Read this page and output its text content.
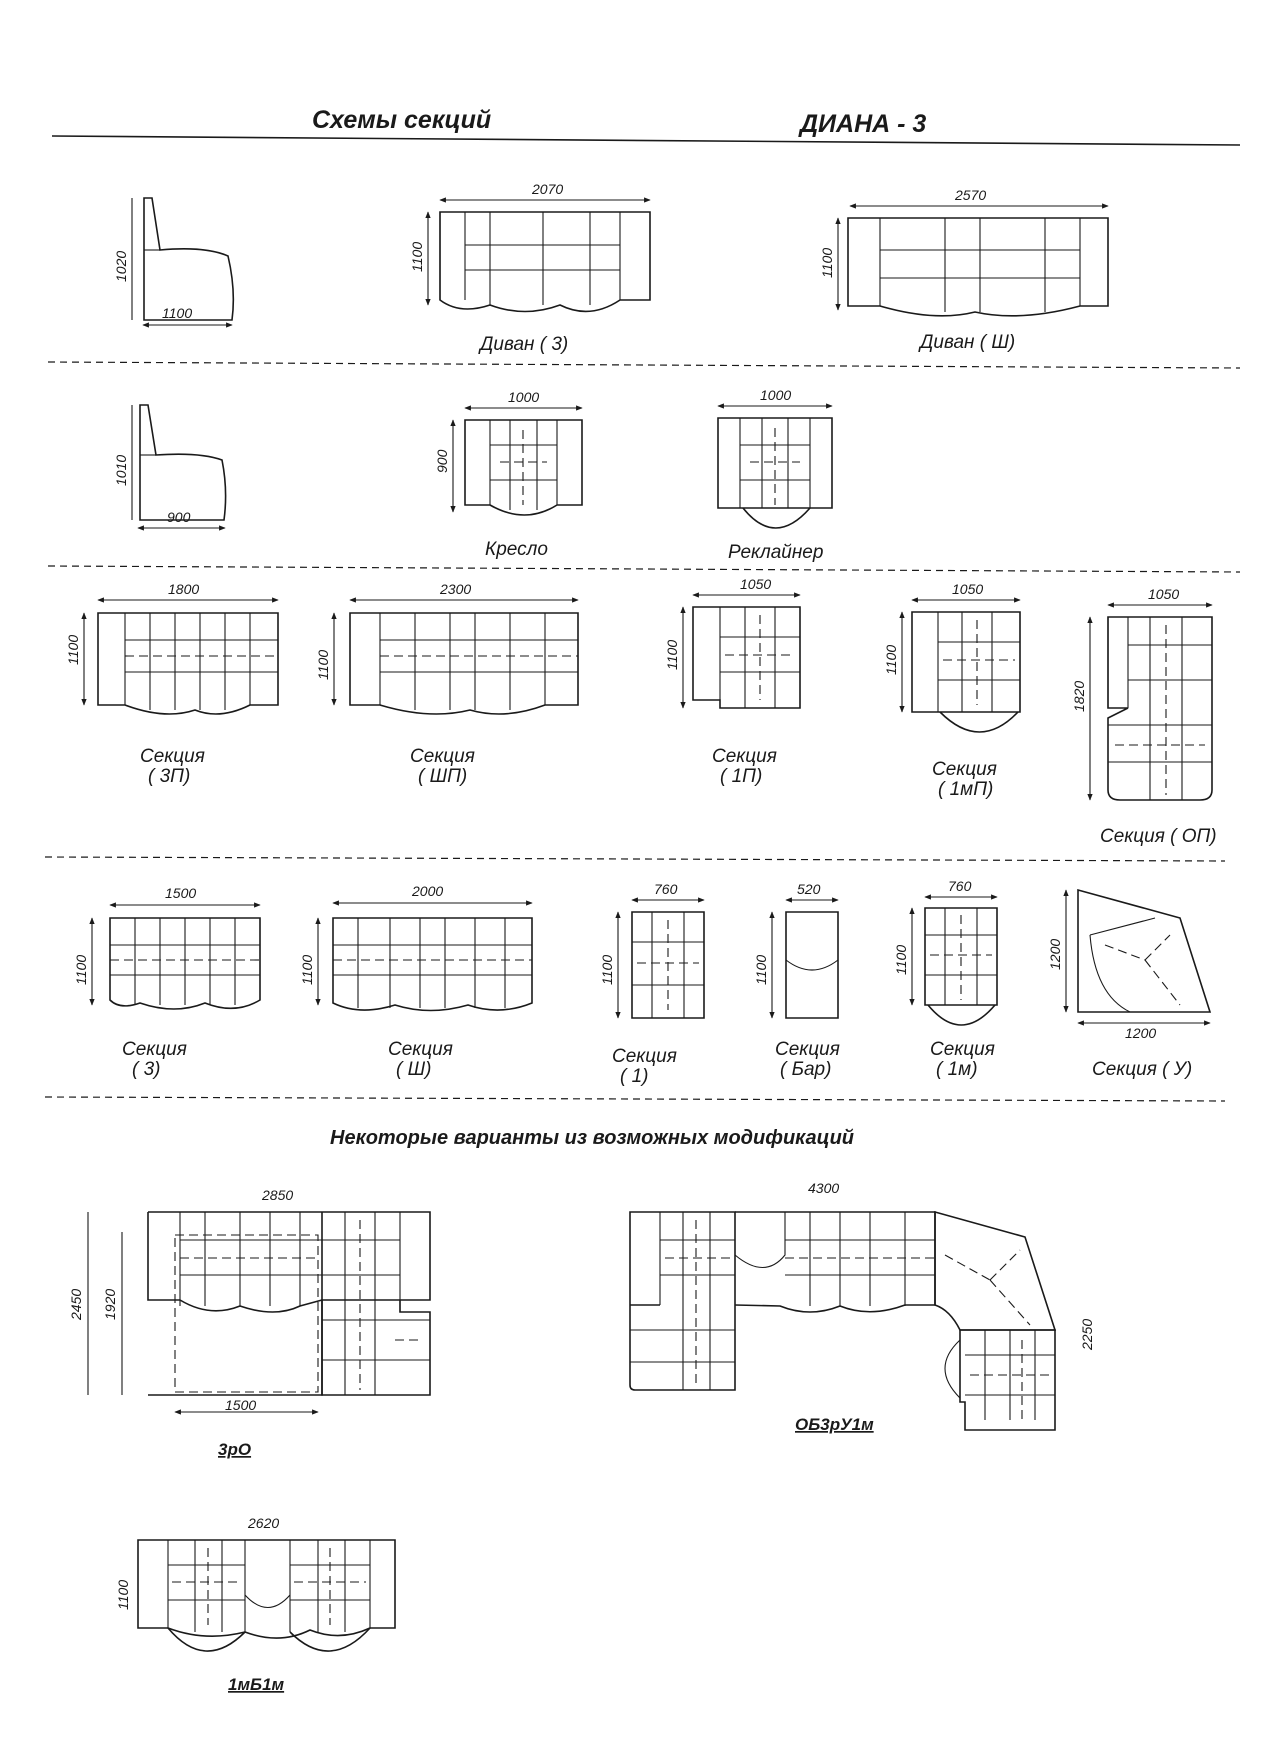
Схемы секций	ДИАНА - 3
1020
1100
2070
1100
Диван ( 3)
2570
1100
Диван ( Ш)
1010
900
1000
900
Кресло
1000
Реклайнер
1800
1100
Секция
( 3П)
2300
1100
Секция
( ШП)
1050
1100
Секция
( 1П)
1050
1100
Секция
( 1мП)
1050
1820
Секция ( ОП)
1500
1100
Секция
( 3)
2000
1100
Секция
( Ш)
760
1100
Секция
( 1)
520
1100
Секция
( Бар)
760
1100
Секция
( 1м)
1200
1200
Секция ( У)
Некоторые варианты из возможных модификаций
2450 1920
2850
1500
3рО
4300
2250
ОБ3рУ1м
2620
1100
1мБ1м
